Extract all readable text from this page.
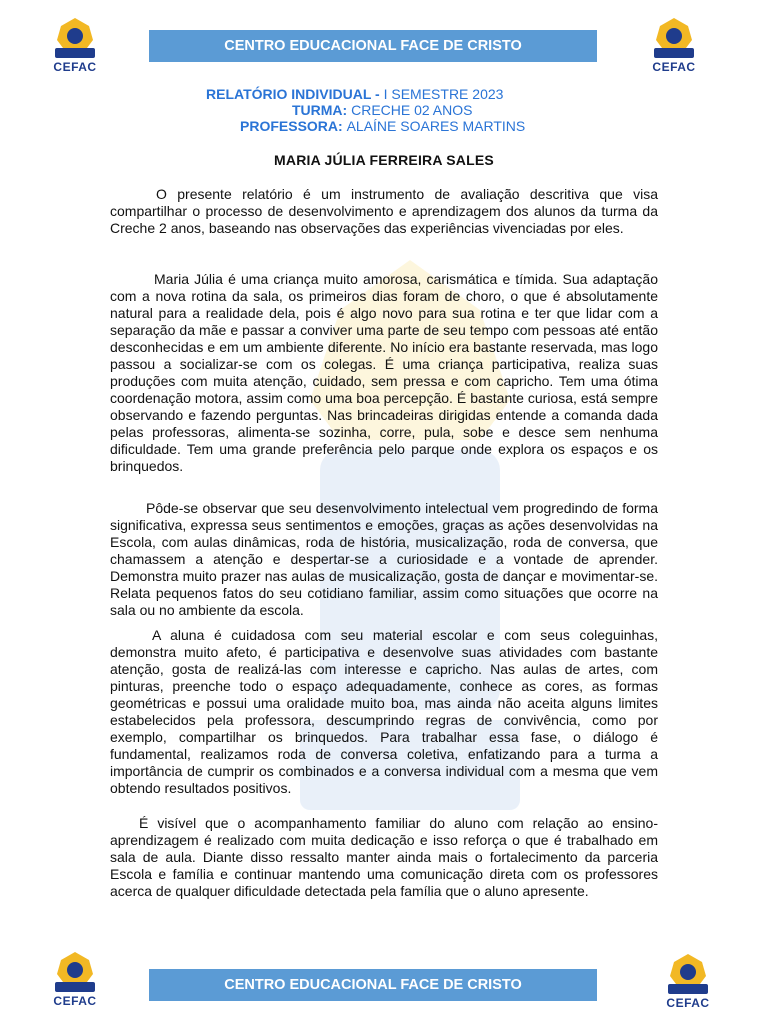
CEFAC	CEFAC
CENTRO EDUCACIONAL FACE DE CRISTO
RELATÓRIO INDIVIDUAL - I SEMESTRE 2023
TURMA: CRECHE 02 ANOS
PROFESSORA: ALAÍNE SOARES MARTINS
MARIA JÚLIA FERREIRA SALES

O presente relatório é um instrumento de avaliação descritiva que visa compartilhar o processo de desenvolvimento e aprendizagem dos alunos da turma da Creche 2 anos, baseando nas observações das experiências vivenciadas por eles.

Maria Júlia é uma criança muito amorosa, carismática e tímida. Sua adaptação com a nova rotina da sala, os primeiros dias foram de choro, o que é absolutamente natural para a realidade dela, pois é algo novo para sua rotina e ter que lidar com a separação da mãe e passar a conviver uma parte de seu tempo com pessoas até então desconhecidas e em um ambiente diferente. No início era bastante reservada, mas logo passou a socializar-se com os colegas. É uma criança participativa, realiza suas produções com muita atenção, cuidado, sem pressa e com capricho. Tem uma ótima coordenação motora, assim como uma boa percepção. É bastante curiosa, está sempre observando e fazendo perguntas. Nas brincadeiras dirigidas entende a comanda dada pelas professoras, alimenta-se sozinha, corre, pula, sobe e desce sem nenhuma dificuldade. Tem uma grande preferência pelo parque onde explora os espaços e os brinquedos.

Pôde-se observar que seu desenvolvimento intelectual vem progredindo de forma significativa, expressa seus sentimentos e emoções, graças as ações desenvolvidas na Escola, com aulas dinâmicas, roda de história, musicalização, roda de conversa, que chamassem a atenção e despertar-se a curiosidade e a vontade de aprender. Demonstra muito prazer nas aulas de musicalização, gosta de dançar e movimentar-se. Relata pequenos fatos do seu cotidiano familiar, assim como situações que ocorre na sala ou no ambiente da escola.

A aluna é cuidadosa com seu material escolar e com seus coleguinhas, demonstra muito afeto, é participativa e desenvolve suas atividades com bastante atenção, gosta de realizá-las com interesse e capricho. Nas aulas de artes, com pinturas, preenche todo o espaço adequadamente, conhece as cores, as formas geométricas e possui uma oralidade muito boa, mas ainda não aceita alguns limites estabelecidos pela professora, descumprindo regras de convivência, como por exemplo, compartilhar os brinquedos. Para trabalhar essa fase, o diálogo é fundamental, realizamos roda de conversa coletiva, enfatizando para a turma a importância de cumprir os combinados e a conversa individual com a mesma que vem obtendo resultados positivos.

É visível que o acompanhamento familiar do aluno com relação ao ensino-aprendizagem é realizado com muita dedicação e isso reforça o que é trabalhado em sala de aula. Diante disso ressalto manter ainda mais o fortalecimento da parceria Escola e família e continuar mantendo uma comunicação direta com os professores acerca de qualquer dificuldade detectada pela família que o aluno apresente.

CEFAC	CEFAC
CENTRO EDUCACIONAL FACE DE CRISTO
